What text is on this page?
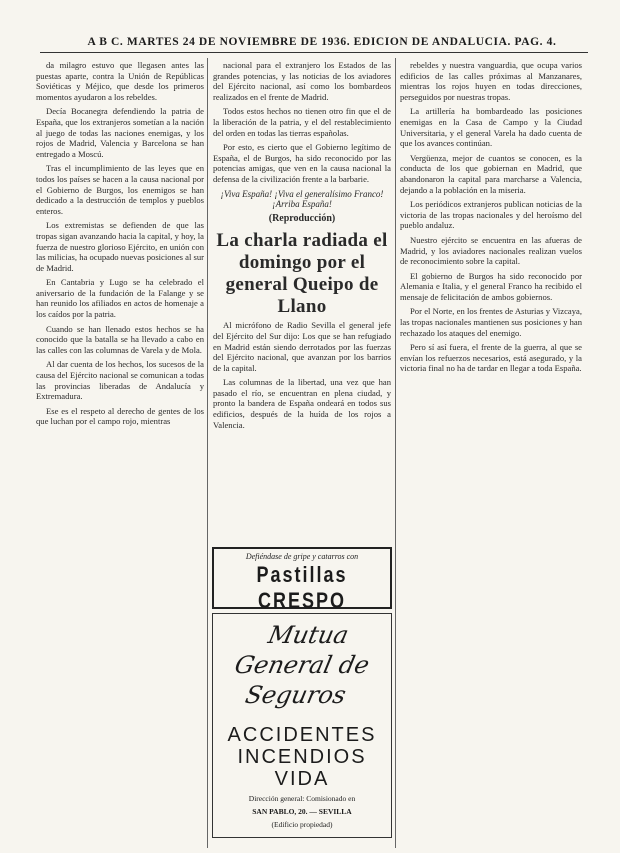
A B C. MARTES 24 DE NOVIEMBRE DE 1936. EDICION DE ANDALUCIA. PAG. 4.

da milagro estuvo que llegasen antes las puestas aparte, contra la Unión de Repúblicas Soviéticas y Méjico, que desde los primeros momentos ayudaron a los rebeldes.

Decía Bocanegra defendiendo la patria de España, que los extranjeros sometían a la nación al juego de todas las naciones enemigas, y los rojos de Madrid, Valencia y Barcelona se han entregado a Moscú.

Tras el incumplimiento de las leyes que en todos los países se hacen a la causa nacional por el Gobierno de Burgos, los enemigos se han dedicado a la destrucción de templos y pueblos enteros.

Los extremistas se defienden de que las tropas sigan avanzando hacia la capital, y hoy, la fuerza de nuestro glorioso Ejército, en unión con las milicias, ha ocupado nuevas posiciones al sur de Madrid.

En Cantabria y Lugo se ha celebrado el aniversario de la fundación de la Falange y se han reunido los afiliados en actos de homenaje a los caídos por la patria.

Cuando se han llenado estos hechos se ha conocido que la batalla se ha llevado a cabo en las calles con las columnas de Varela y de Mola.

Al dar cuenta de los hechos, los sucesos de la causa del Ejército nacional se comunican a todas las provincias liberadas de Andalucía y Extremadura.

Ese es el respeto al derecho de gentes de los que luchan por el campo rojo, mientras

nacional para el extranjero los Estados de las grandes potencias, y las noticias de los aviadores del Ejército nacional, así como los bombardeos realizados en el frente de Madrid.

Todos estos hechos no tienen otro fin que el de la liberación de la patria, y el del restablecimiento del orden en todas las tierras españolas.

Por esto, es cierto que el Gobierno legítimo de España, el de Burgos, ha sido reconocido por las potencias amigas, que ven en la causa nacional la defensa de la civilización frente a la barbarie.

¡Viva España! ¡Viva el generalísimo Franco! ¡Arriba España!

(Reproducción)

La charla radiada el domingo por el general Queipo de Llano

Al micrófono de Radio Sevilla el general jefe del Ejército del Sur dijo: Los que se han refugiado en Madrid están siendo derrotados por las fuerzas del Ejército nacional, que avanzan por los barrios de la capital.

Las columnas de la libertad, una vez que han pasado el río, se encuentran en plena ciudad, y pronto la bandera de España ondeará en todos sus edificios, después de la huída de los rojos a Valencia.

Defiéndase de gripe y catarros con
Pastillas CRESPO
Mutua General de Seguros
ACCIDENTES
INCENDIOS
VIDA
Dirección general: Comisionado en
SAN PABLO, 20. — SEVILLA
(Edificio propiedad)

rebeldes y nuestra vanguardia, que ocupa varios edificios de las calles próximas al Manzanares, mientras los rojos huyen en todas direcciones, perseguidos por nuestras tropas.

La artillería ha bombardeado las posiciones enemigas en la Casa de Campo y la Ciudad Universitaria, y el general Varela ha dado cuenta de que los avances continúan.

Vergüenza, mejor de cuantos se conocen, es la conducta de los que gobiernan en Madrid, que abandonaron la capital para marcharse a Valencia, dejando a la población en la miseria.

Los periódicos extranjeros publican noticias de la victoria de las tropas nacionales y del heroísmo del pueblo andaluz.

Nuestro ejército se encuentra en las afueras de Madrid, y los aviadores nacionales realizan vuelos de reconocimiento sobre la capital.

El gobierno de Burgos ha sido reconocido por Alemania e Italia, y el general Franco ha recibido el mensaje de felicitación de ambos gobiernos.

Por el Norte, en los frentes de Asturias y Vizcaya, las tropas nacionales mantienen sus posiciones y han rechazado los ataques del enemigo.

Pero sí así fuera, el frente de la guerra, al que se envían los refuerzos necesarios, está asegurado, y la victoria final no ha de tardar en llegar a toda España.
